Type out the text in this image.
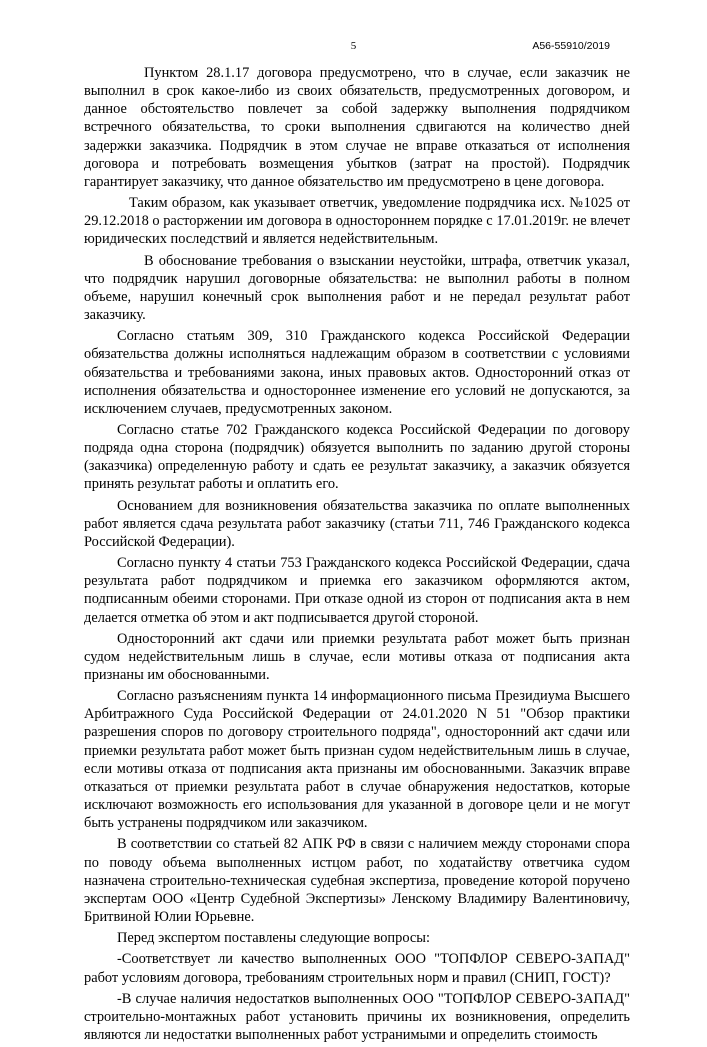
5	А56-55910/2019

Пунктом 28.1.17 договора предусмотрено, что в случае, если заказчик не выполнил в срок какое-либо из своих обязательств, предусмотренных договором, и данное обстоятельство повлечет за собой задержку выполнения подрядчиком встречного обязательства, то сроки выполнения сдвигаются на количество дней задержки заказчика. Подрядчик в этом случае не вправе отказаться от исполнения договора и потребовать возмещения убытков (затрат на простой). Подрядчик гарантирует заказчику, что данное обязательство им предусмотрено в цене договора.

Таким образом, как указывает ответчик, уведомление подрядчика исх. №1025 от 29.12.2018 о расторжении им договора в одностороннем порядке с 17.01.2019г. не влечет юридических последствий и является недействительным.

В обоснование требования о взыскании неустойки, штрафа, ответчик указал, что подрядчик нарушил договорные обязательства: не выполнил работы в полном объеме, нарушил конечный срок выполнения работ и не передал результат работ заказчику.

Согласно статьям 309, 310 Гражданского кодекса Российской Федерации обязательства должны исполняться надлежащим образом в соответствии с условиями обязательства и требованиями закона, иных правовых актов. Односторонний отказ от исполнения обязательства и одностороннее изменение его условий не допускаются, за исключением случаев, предусмотренных законом.

Согласно статье 702 Гражданского кодекса Российской Федерации по договору подряда одна сторона (подрядчик) обязуется выполнить по заданию другой стороны (заказчика) определенную работу и сдать ее результат заказчику, а заказчик обязуется принять результат работы и оплатить его.

Основанием для возникновения обязательства заказчика по оплате выполненных работ является сдача результата работ заказчику (статьи 711, 746 Гражданского кодекса Российской Федерации).

Согласно пункту 4 статьи 753 Гражданского кодекса Российской Федерации, сдача результата работ подрядчиком и приемка его заказчиком оформляются актом, подписанным обеими сторонами. При отказе одной из сторон от подписания акта в нем делается отметка об этом и акт подписывается другой стороной.

Односторонний акт сдачи или приемки результата работ может быть признан судом недействительным лишь в случае, если мотивы отказа от подписания акта признаны им обоснованными.

Согласно разъяснениям пункта 14 информационного письма Президиума Высшего Арбитражного Суда Российской Федерации от 24.01.2020 N 51 "Обзор практики разрешения споров по договору строительного подряда", односторонний акт сдачи или приемки результата работ может быть признан судом недействительным лишь в случае, если мотивы отказа от подписания акта признаны им обоснованными. Заказчик вправе отказаться от приемки результата работ в случае обнаружения недостатков, которые исключают возможность его использования для указанной в договоре цели и не могут быть устранены подрядчиком или заказчиком.

В соответствии со статьей 82 АПК РФ в связи с наличием между сторонами спора по поводу объема выполненных истцом работ, по ходатайству ответчика судом назначена строительно-техническая судебная экспертиза, проведение которой поручено экспертам ООО «Центр Судебной Экспертизы» Ленскому Владимиру Валентиновичу, Бритвиной Юлии Юрьевне.

Перед экспертом поставлены следующие вопросы:

-Соответствует ли качество выполненных ООО "ТОПФЛОР СЕВЕРО-ЗАПАД" работ условиям договора, требованиям строительных норм и правил (СНИП, ГОСТ)?

-В случае наличия недостатков выполненных ООО "ТОПФЛОР СЕВЕРО-ЗАПАД" строительно-монтажных работ установить причины их возникновения, определить являются ли недостатки выполненных работ устранимыми и определить стоимость
